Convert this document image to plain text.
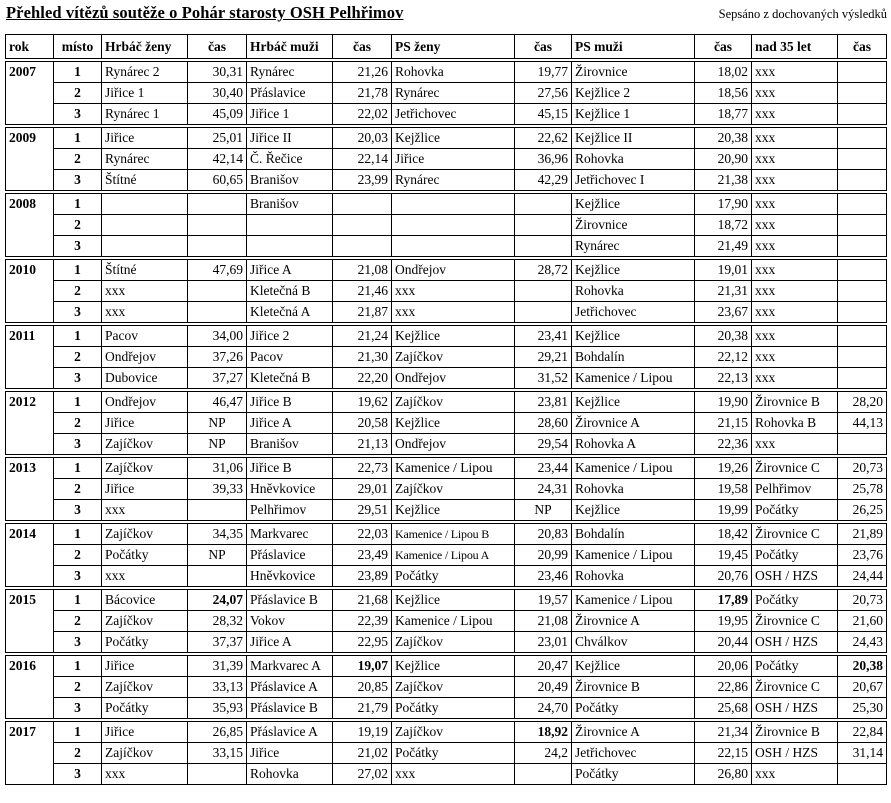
Přehled vítězů soutěže o Pohár starosty OSH Pelhřimov	Sepsáno z dochovaných výsledků
rok	místo	Hrbáč ženy	čas	Hrbáč muži	čas	PS ženy	čas	PS muži	čas	nad 35 let	čas
2007	1	Rynárec 2	30,31	Rynárec	21,26	Rohovka	19,77	Žirovnice	18,02	xxx	
	2	Jiřice 1	30,40	Přáslavice	21,78	Rynárec	27,56	Kejžlice 2	18,56	xxx	
	3	Rynárec 1	45,09	Jiřice 1	22,02	Jetřichovec	45,15	Kejžlice 1	18,77	xxx	
2009	1	Jiřice	25,01	Jiřice II	20,03	Kejžlice	22,62	Kejžlice II	20,38	xxx	
	2	Rynárec	42,14	Č. Řečice	22,14	Jiřice	36,96	Rohovka	20,90	xxx	
	3	Štítné	60,65	Branišov	23,99	Rynárec	42,29	Jetřichovec I	21,38	xxx	
2008	1			Branišov				Kejžlice	17,90	xxx	
	2							Žirovnice	18,72	xxx	
	3							Rynárec	21,49	xxx	
2010	1	Štítné	47,69	Jiřice A	21,08	Ondřejov	28,72	Kejžlice	19,01	xxx	
	2	xxx		Kletečná B	21,46	xxx		Rohovka	21,31	xxx	
	3	xxx		Kletečná A	21,87	xxx		Jetřichovec	23,67	xxx	
2011	1	Pacov	34,00	Jiřice 2	21,24	Kejžlice	23,41	Kejžlice	20,38	xxx	
	2	Ondřejov	37,26	Pacov	21,30	Zajíčkov	29,21	Bohdalín	22,12	xxx	
	3	Dubovice	37,27	Kletečná B	22,20	Ondřejov	31,52	Kamenice / Lipou	22,13	xxx	
2012	1	Ondřejov	46,47	Jiřice B	19,62	Zajíčkov	23,81	Kejžlice	19,90	Žirovnice B	28,20
	2	Jiřice	NP	Jiřice A	20,58	Kejžlice	28,60	Žirovnice A	21,15	Rohovka B	44,13
	3	Zajíčkov	NP	Branišov	21,13	Ondřejov	29,54	Rohovka A	22,36	xxx	
2013	1	Zajíčkov	31,06	Jiřice B	22,73	Kamenice / Lipou	23,44	Kamenice / Lipou	19,26	Žirovnice C	20,73
	2	Jiřice	39,33	Hněvkovice	29,01	Zajíčkov	24,31	Rohovka	19,58	Pelhřimov	25,78
	3	xxx		Pelhřimov	29,51	Kejžlice	NP	Kejžlice	19,99	Počátky	26,25
2014	1	Zajíčkov	34,35	Markvarec	22,03	Kamenice / Lipou B	20,83	Bohdalín	18,42	Žirovnice C	21,89
	2	Počátky	NP	Přáslavice	23,49	Kamenice / Lipou A	20,99	Kamenice / Lipou	19,45	Počátky	23,76
	3	xxx		Hněvkovice	23,89	Počátky	23,46	Rohovka	20,76	OSH / HZS	24,44
2015	1	Bácovice	24,07	Přáslavice B	21,68	Kejžlice	19,57	Kamenice / Lipou	17,89	Počátky	20,73
	2	Zajíčkov	28,32	Vokov	22,39	Kamenice / Lipou	21,08	Žirovnice A	19,95	Žirovnice C	21,60
	3	Počátky	37,37	Jiřice A	22,95	Zajíčkov	23,01	Chválkov	20,44	OSH / HZS	24,43
2016	1	Jiřice	31,39	Markvarec A	19,07	Kejžlice	20,47	Kejžlice	20,06	Počátky	20,38
	2	Zajíčkov	33,13	Přáslavice A	20,85	Zajíčkov	20,49	Žirovnice B	22,86	Žirovnice C	20,67
	3	Počátky	35,93	Přáslavice B	21,79	Počátky	24,70	Počátky	25,68	OSH / HZS	25,30
2017	1	Jiřice	26,85	Přáslavice A	19,19	Zajíčkov	18,92	Žirovnice A	21,34	Žirovnice B	22,84
	2	Zajíčkov	33,15	Jiřice	21,02	Počátky	24,2	Jetřichovec	22,15	OSH / HZS	31,14
	3	xxx		Rohovka	27,02	xxx		Počátky	26,80	xxx	
